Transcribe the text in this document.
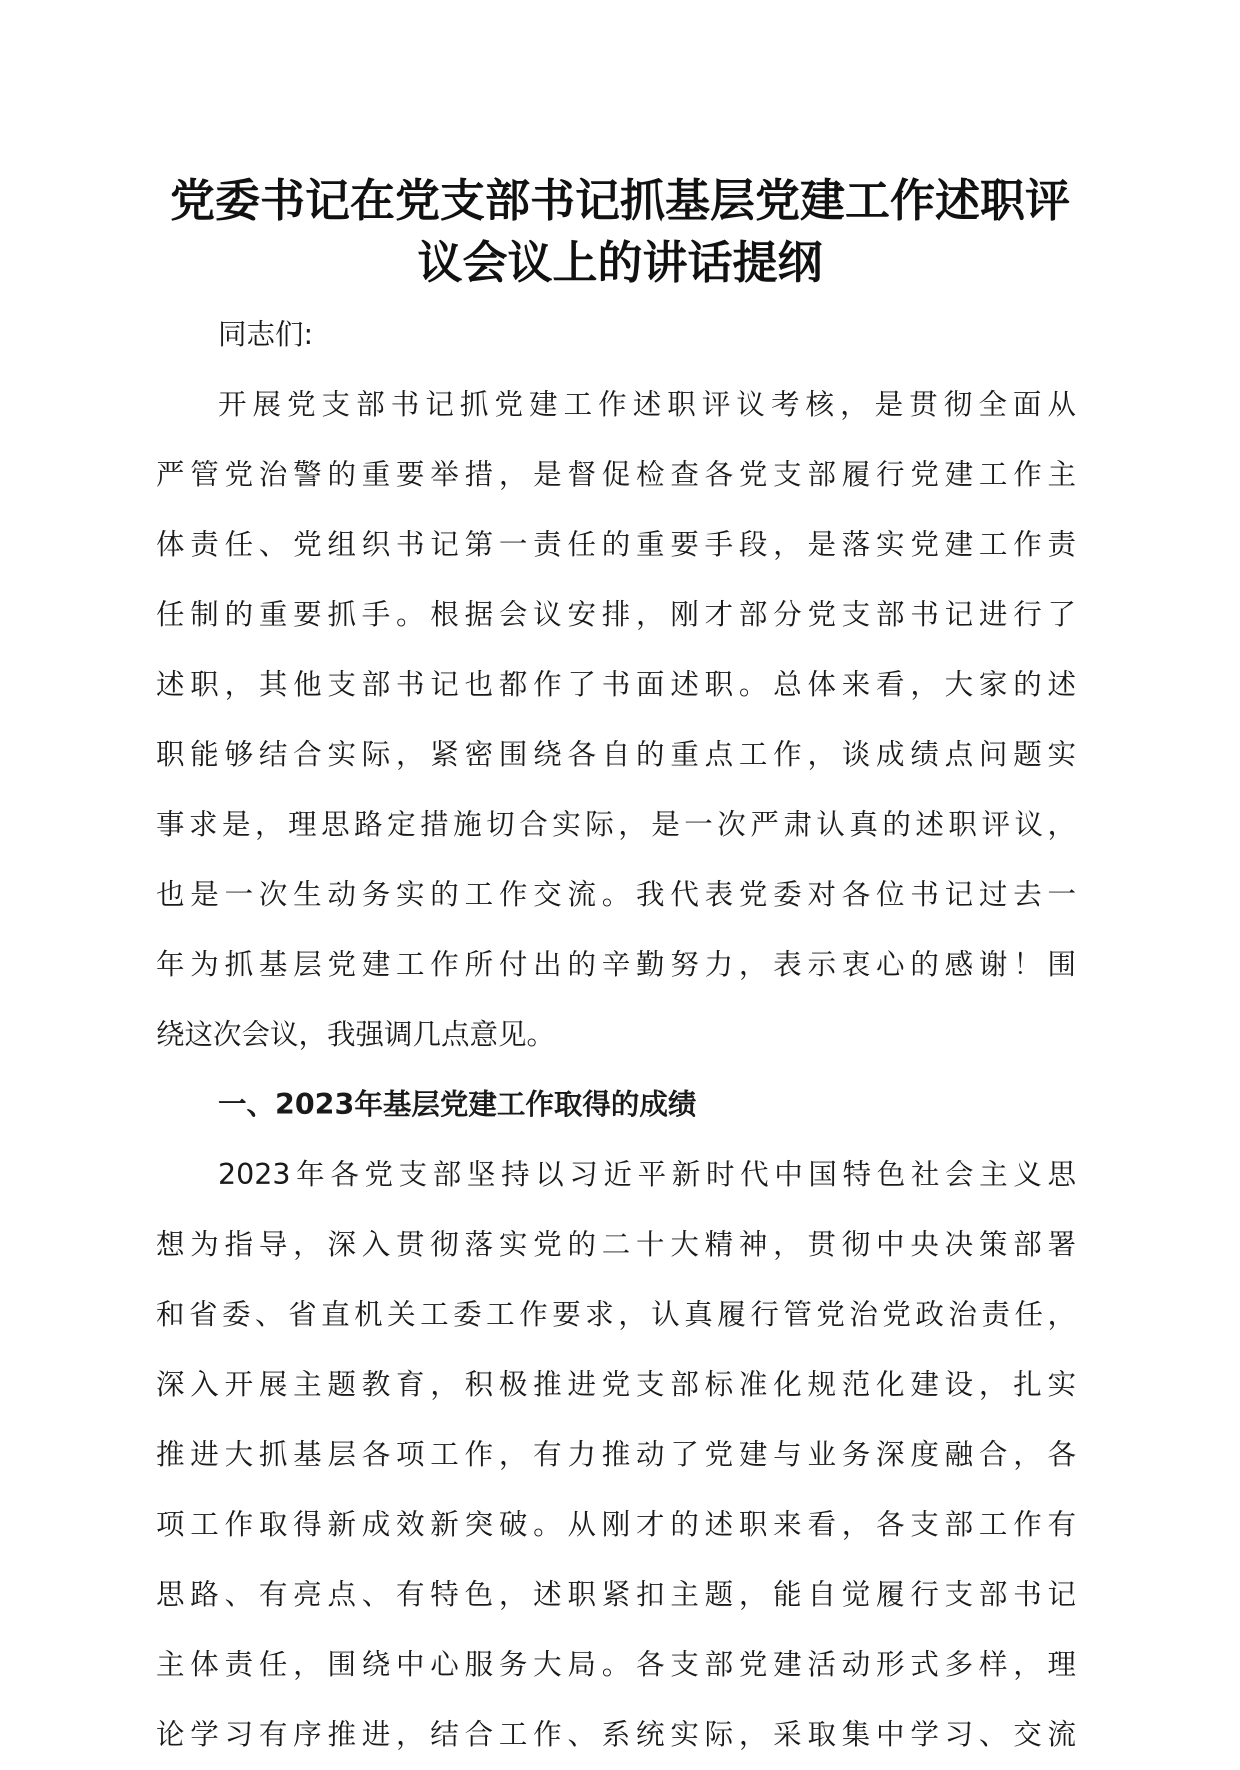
党委书记在党支部书记抓基层党建工作述职评
议会议上的讲话提纲
同志们:
开展党支部书记抓党建工作述职评议考核，是贯彻全面从
严管党治警的重要举措，是督促检查各党支部履行党建工作主
体责任、党组织书记第一责任的重要手段，是落实党建工作责
任制的重要抓手。根据会议安排，刚才部分党支部书记进行了
述职，其他支部书记也都作了书面述职。总体来看，大家的述
职能够结合实际，紧密围绕各自的重点工作，谈成绩点问题实
事求是，理思路定措施切合实际，是一次严肃认真的述职评议，
也是一次生动务实的工作交流。我代表党委对各位书记过去一
年为抓基层党建工作所付出的辛勤努力，表示衷心的感谢！围
绕这次会议，我强调几点意见。
一、2023年基层党建工作取得的成绩
2023年各党支部坚持以习近平新时代中国特色社会主义思
想为指导，深入贯彻落实党的二十大精神，贯彻中央决策部署
和省委、省直机关工委工作要求，认真履行管党治党政治责任，
深入开展主题教育，积极推进党支部标准化规范化建设，扎实
推进大抓基层各项工作，有力推动了党建与业务深度融合，各
项工作取得新成效新突破。从刚才的述职来看，各支部工作有
思路、有亮点、有特色，述职紧扣主题，能自觉履行支部书记
主体责任，围绕中心服务大局。各支部党建活动形式多样，理
论学习有序推进，结合工作、系统实际，采取集中学习、交流
